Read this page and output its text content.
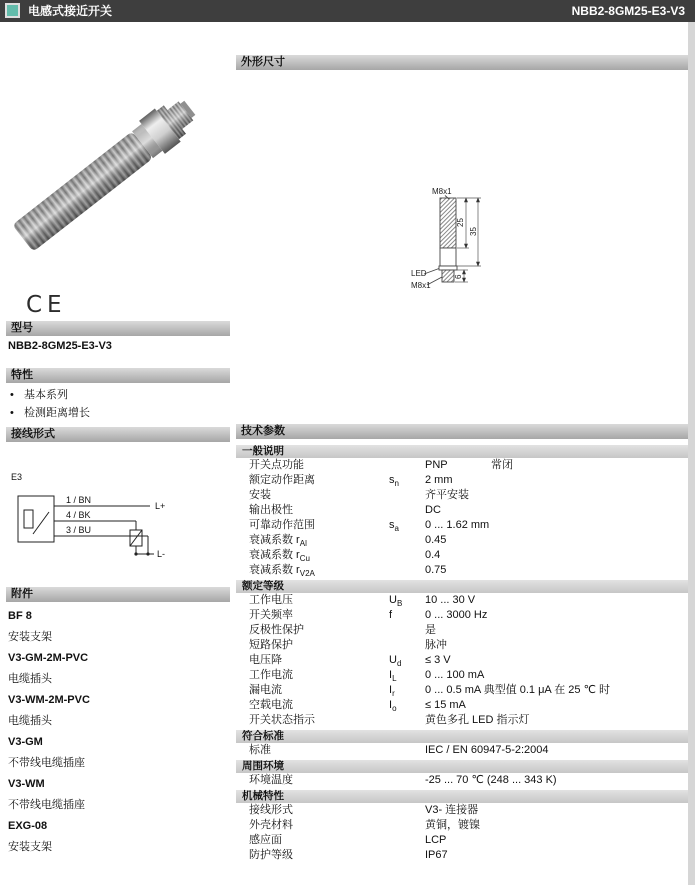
电感式接近开关	NBB2-8GM25-E3-V3
CE
型号
NBB2-8GM25-E3-V3
特性
• 基本系列
• 检测距离增长
接线形式
E3
1 / BN
4 / BK
3 / BU
L+
L-
附件
BF 8
安装支架
V3-GM-2M-PVC
电缆插头
V3-WM-2M-PVC
电缆插头
V3-GM
不带线电缆插座
V3-WM
不带线电缆插座
EXG-08
安装支架
外形尺寸
M8x1
25
35
6
LED
M8x1
技术参数
一般说明
开关点功能	PNP	常闭
额定动作距离	$s_n$ 2 mm
安装	齐平安装
输出极性	DC
可靠动作范围	$s_a$ 0 ... 1.62 mm
衰减系数 $r_{Al}$	0.45
衰减系数 $r_{Cu}$	0.4
衰减系数 $r_{V2A}$	0.75
额定等级
工作电压	$U_B$ 10 ... 30 V
开关频率	f	0 ... 3000 Hz
反极性保护	是
短路保护	脉冲
电压降	$U_d \le 3$ V
工作电流	$I_L$	0 ... 100 mA
漏电流	$I_r$	0 ... 0.5 mA 典型值 0.1 μA 在 25 ℃ 时
空载电流	$I_o$	≤ 15 mA
开关状态指示	黄色多孔 LED 指示灯
符合标准
标准	IEC / EN 60947-5-2:2004
周围环境
环境温度	-25 ... 70 ℃ (248 ... 343 K)
机械特性
接线形式	V3- 连接器
外壳材料	黄铜，镀镍
感应面	LCP
防护等级	IP67
